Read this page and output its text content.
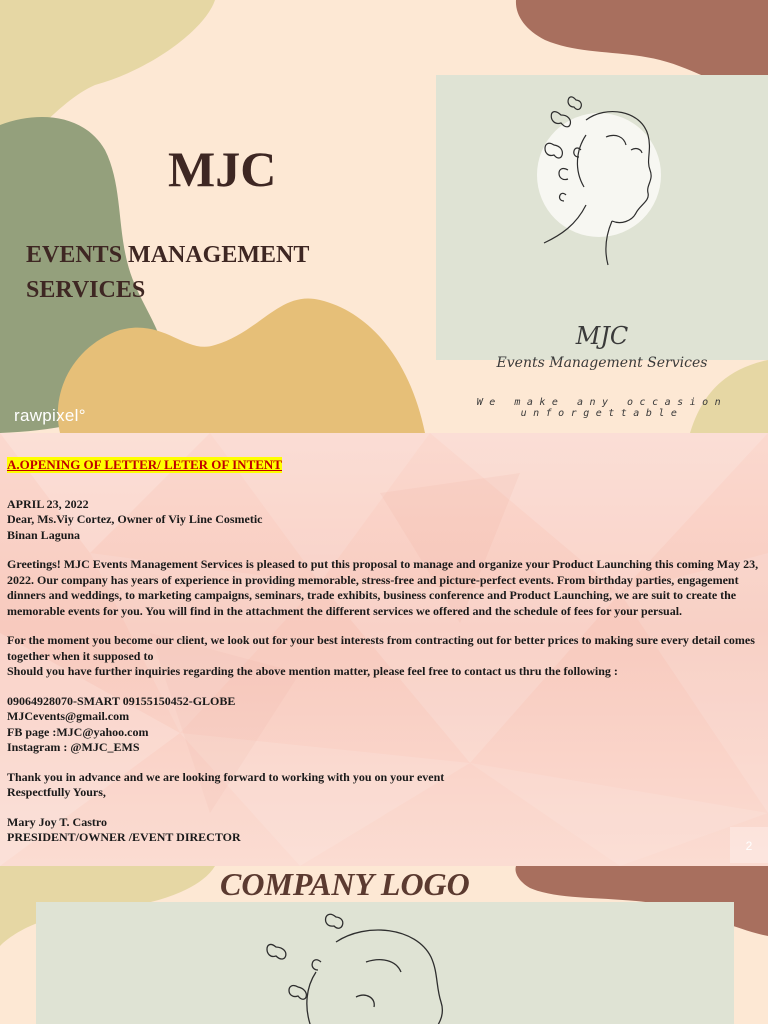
MJC
EVENTS MANAGEMENT SERVICES
MJC
Events Management Services
We make any occasion unforgettable
rawpixel°
A.OPENING OF LETTER/ LETER OF INTENT

APRIL 23, 2022

Dear, Ms.Viy Cortez, Owner of Viy Line Cosmetic

Binan Laguna

Greetings! MJC Events Management Services is pleased to put this proposal to manage and organize your Product Launching this coming May 23, 2022. Our company has years of experience in providing memorable, stress-free and picture-perfect events. From birthday parties, engagement dinners and weddings, to marketing campaigns, seminars, trade exhibits, business conference and Product Launching, we are suit to create the memorable events for you. You will find in the attachment the different services we offered and the schedule of fees for your persual.

For the moment you become our client, we look out for your best interests from contracting out for better prices to making sure every detail comes together when it supposed to

Should you have further inquiries regarding the above mention matter, please feel free to contact us thru the following :

09064928070-SMART 09155150452-GLOBE

MJCevents@gmail.com

FB page :MJC@yahoo.com

Instagram : @MJC_EMS

Thank you in advance and we are looking forward to working with you on your event

Respectfully Yours,

Mary Joy T. Castro

PRESIDENT/OWNER /EVENT DIRECTOR

2
COMPANY LOGO
